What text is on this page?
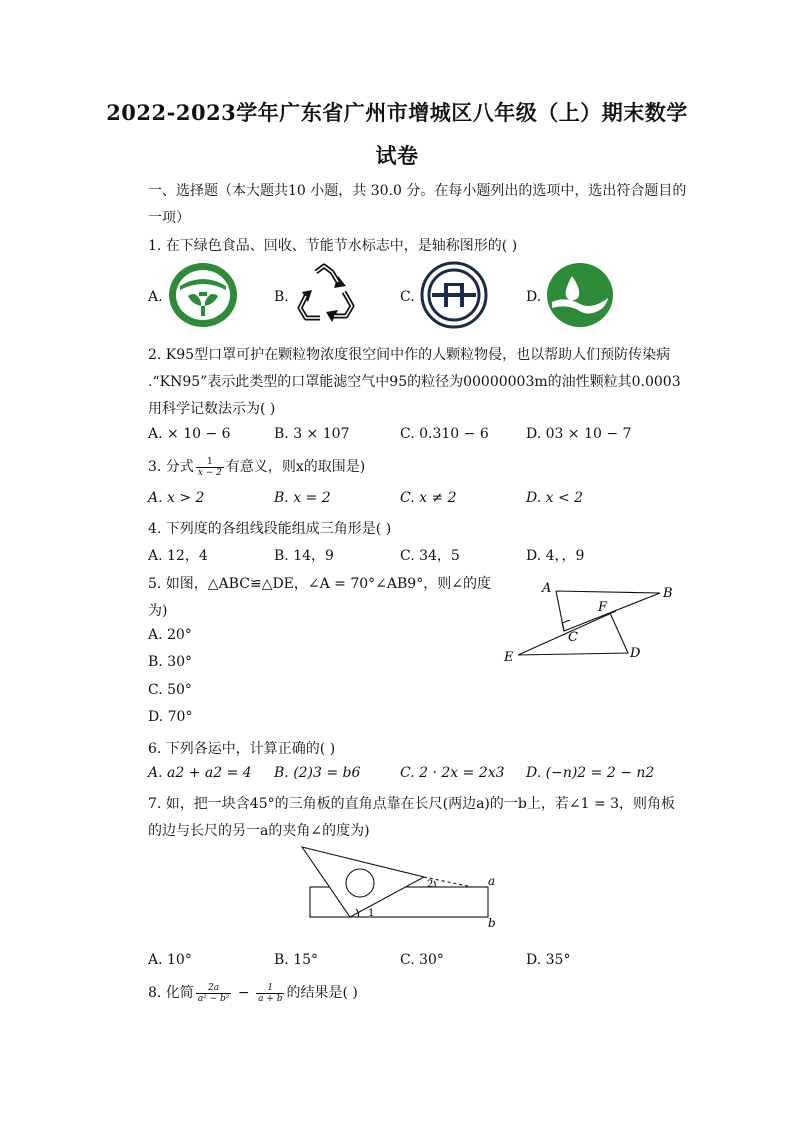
2022-2023学年广东省广州市增城区八年级（上）期末数学
试卷
一、选择题（本大题共10 小题，共 30.0 分。在每小题列出的选项中，选出符合题目的
一项）
1. 在下绿色食品、回收、节能节水标志中，是轴称图形的( )
A.	B.	C.	D.
2. K95型口罩可护在颗粒物浓度很空间中作的人颗粒物侵，也以帮助人们预防传染病
.“KN95”表示此类型的口罩能滤空气中95的粒径为00000003m的油性颗粒其0.0003
用科学记数法示为( )
A. × 10 − 6	B. 3 × 107	C. 0.310 − 6	D. 03 × 10 − 7
3. 分式 $\frac{1}{x - 2}$ 有意义，则x的取围是)
A. x > 2	B. x = 2	C. x ≠ 2	D. x < 2
4. 下列度的各组线段能组成三角形是( )
A. 12，4	B. 14，9	C. 34，5	D. 4，，9
5. 如图，△ABC≌△DE，∠A = 70°∠AB9°，则∠的度
为)
A. 20°
B. 30°
C. 50°
D. 70°
A	B
C
D
E
F
6. 下列各运中，计算正确的( )
A. a2 + a2 = 4 B. (2)3 = b6	C. 2 · 2x = 2x3 D. (−n)2 = 2 − n2
7. 如，把一块含45°的三角板的直角点靠在长尺(两边a)的一b上，若∠1 = 3，则角板
的边与长尺的另一a的夹角∠的度为)
1
2	a
b
A. 10°	B. 15°	C. 30°	D. 35°
8. 化简 $\frac{2a}{\text{a² − b²}} - \frac{1}{a + b}$ 的结果是( )
